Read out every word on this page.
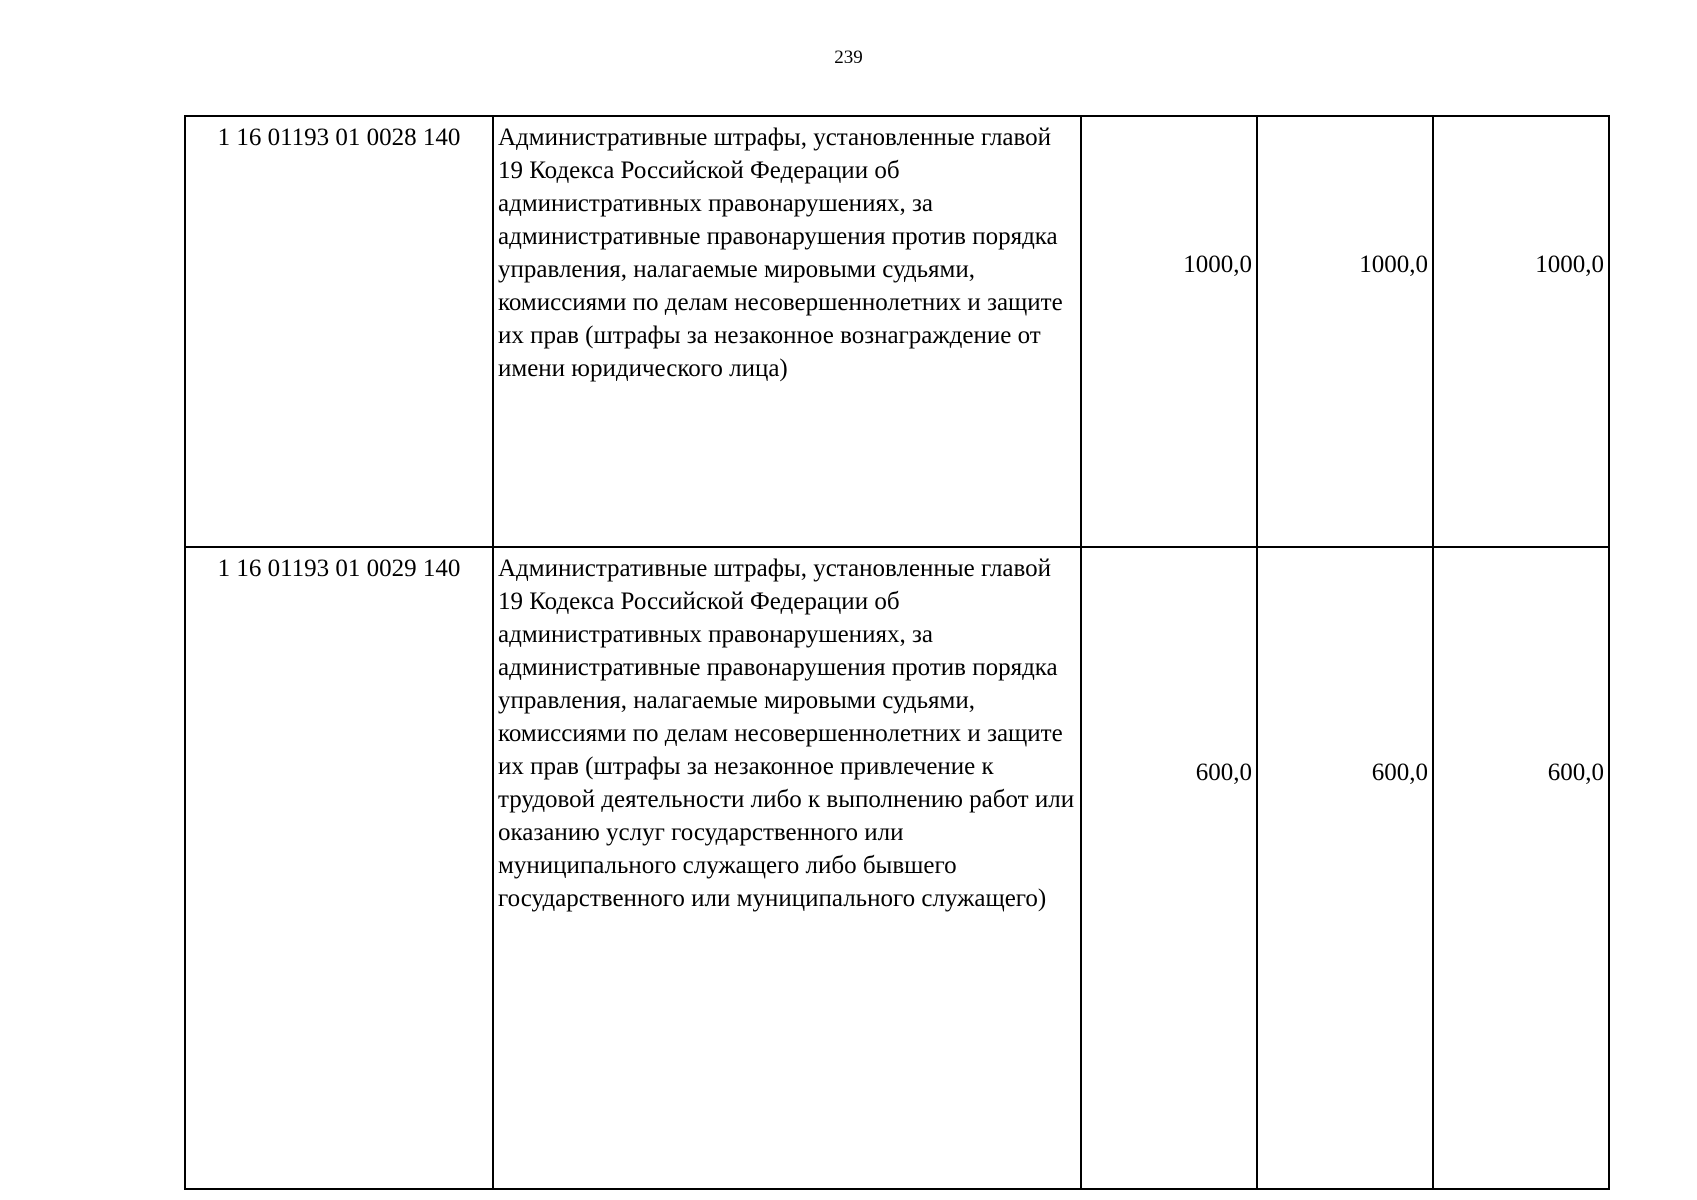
239
1 16 01193 01 0028 140	Административные штрафы, установленные главой 19 Кодекса Российской Федерации об административных правонарушениях, за административные правонарушения против порядка управления, налагаемые мировыми судьями, комиссиями по делам несовершеннолетних и защите их прав (штрафы за незаконное вознаграждение от имени юридического лица)	1000,0	1000,0	1000,0
1 16 01193 01 0029 140	Административные штрафы, установленные главой 19 Кодекса Российской Федерации об административных правонарушениях, за административные правонарушения против порядка управления, налагаемые мировыми судьями, комиссиями по делам несовершеннолетних и защите их прав (штрафы за незаконное привлечение к трудовой деятельности либо к выполнению работ или оказанию услуг государственного или муниципального служащего либо бывшего государственного или муниципального служащего)	600,0	600,0	600,0
